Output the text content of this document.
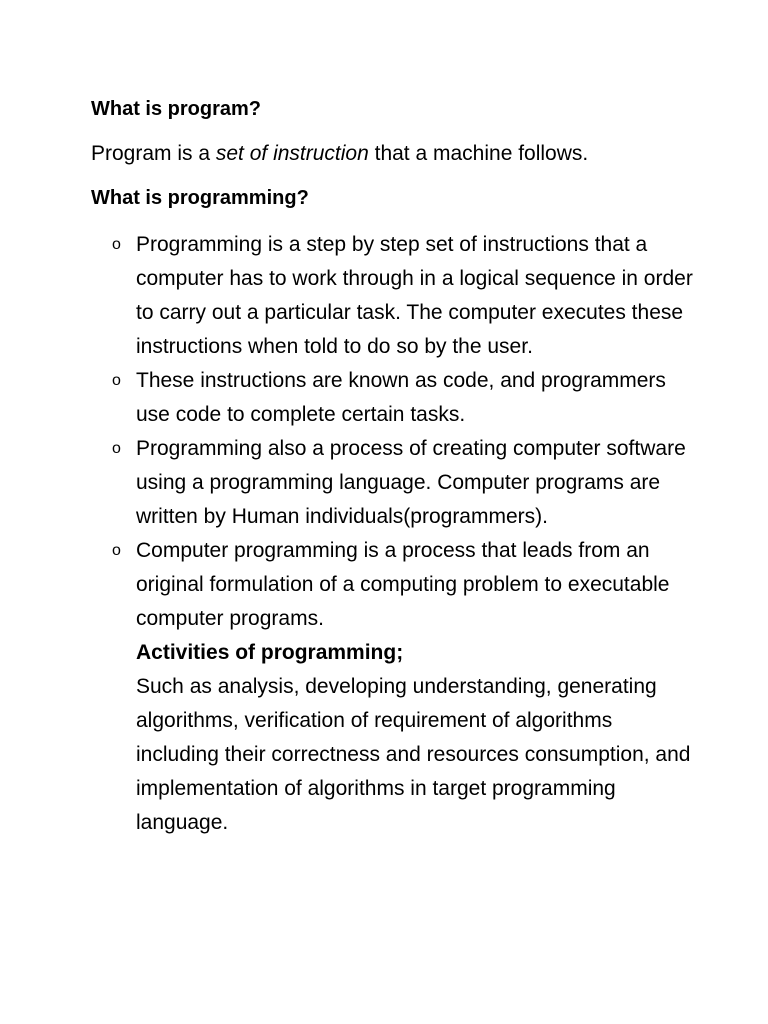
What is program?
Program is a set of instruction that a machine follows.
What is programming?
o Programming is a step by step set of instructions that a computer has to work through in a logical sequence in order to carry out a particular task. The computer executes these instructions when told to do so by the user.
o These instructions are known as code, and programmers use code to complete certain tasks.
o Programming also a process of creating computer software using a programming language. Computer programs are written by Human individuals(programmers).
o Computer programming is a process that leads from an original formulation of a computing problem to executable computer programs.
Activities of programming;
Such as analysis, developing understanding, generating algorithms, verification of requirement of algorithms including their correctness and resources consumption, and implementation of algorithms in target programming language.
